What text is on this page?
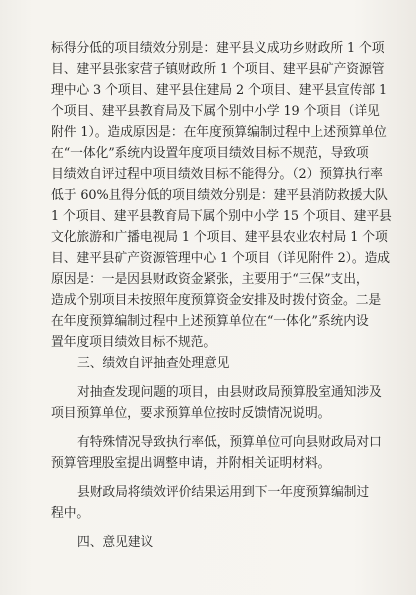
标得分低的项目绩效分别是：建平县义成功乡财政所 1 个项
目、建平县张家营子镇财政所 1 个项目、建平县矿产资源管
理中心 3 个项目、建平县住建局 2 个项目、建平县宣传部 1
个项目、建平县教育局及下属个别中小学 19 个项目（详见
附件 1）。造成原因是：在年度预算编制过程中上述预算单位
在“一体化”系统内设置年度项目绩效目标不规范，导致项
目绩效自评过程中项目绩效目标不能得分。（2）预算执行率
低于 60%且得分低的项目绩效分别是：建平县消防救援大队
1 个项目、建平县教育局下属个别中小学 15 个项目、建平县
文化旅游和广播电视局 1 个项目、建平县农业农村局 1 个项
目、建平县矿产资源管理中心 1 个项目（详见附件 2）。造成
原因是：一是因县财政资金紧张，主要用于“三保”支出，
造成个别项目未按照年度预算资金安排及时拨付资金。二是
在年度预算编制过程中上述预算单位在“一体化”系统内设
置年度项目绩效目标不规范。
三、绩效自评抽查处理意见
对抽查发现问题的项目，由县财政局预算股室通知涉及
项目预算单位，要求预算单位按时反馈情况说明。
有特殊情况导致执行率低，预算单位可向县财政局对口
预算管理股室提出调整申请，并附相关证明材料。
县财政局将绩效评价结果运用到下一年度预算编制过
程中。
四、意见建议
